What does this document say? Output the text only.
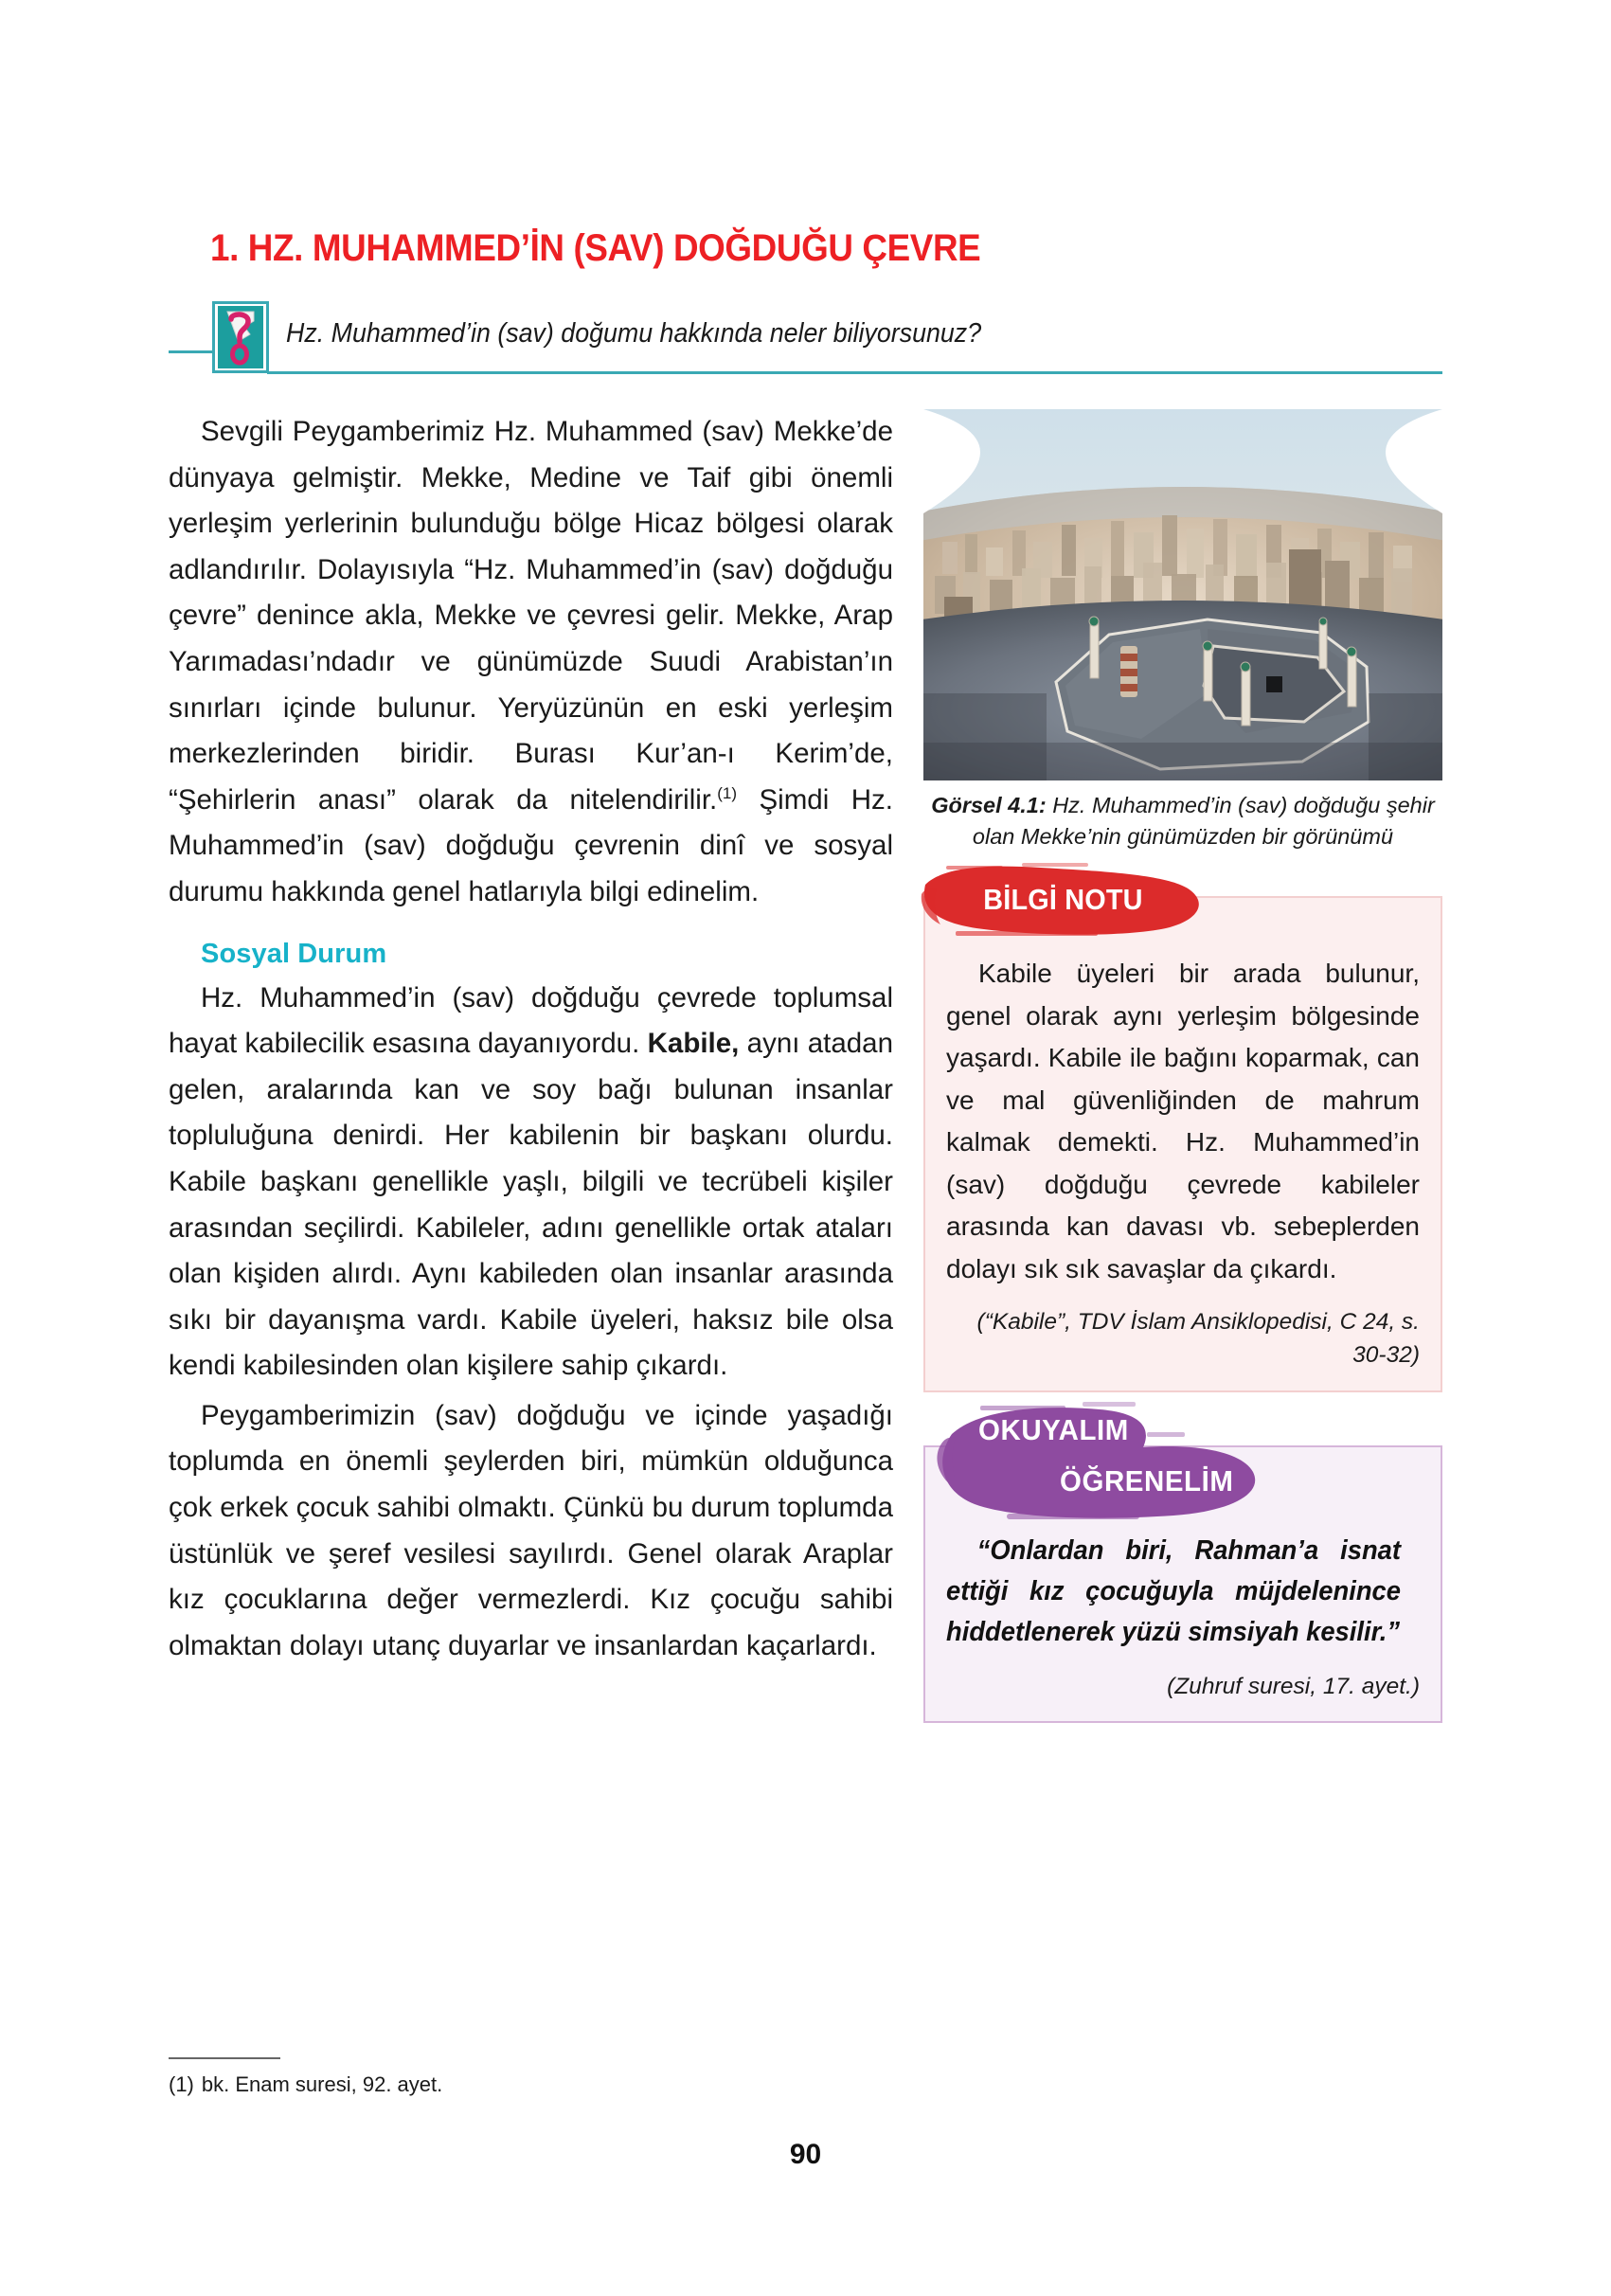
1. HZ. MUHAMMED’İN (SAV) DOĞDUĞU ÇEVRE
Hz. Muhammed’in (sav) doğumu hakkında neler biliyorsunuz?

Sevgili Peygamberimiz Hz. Muhammed (sav) Mekke’de dünyaya gelmiştir. Mekke, Medine ve Taif gibi önemli yerleşim yerlerinin bulunduğu bölge Hicaz bölgesi olarak adlandırılır. Dolayısıyla “Hz. Muhammed’in (sav) doğduğu çevre” denince akla, Mekke ve çevresi gelir. Mekke, Arap Yarımadası’ndadır ve günümüzde Suudi Arabistan’ın sınırları içinde bulunur. Yeryüzünün en eski yerleşim merkezlerinden biridir. Burası Kur’an-ı Kerim’de, “Şehirlerin anası” olarak da nitelendirilir.$^{(1)}$ Şimdi Hz. Muhammed’in (sav) doğduğu çevrenin dinî ve sosyal durumu hakkında genel hatlarıyla bilgi edinelim.

Sosyal Durum

Hz. Muhammed’in (sav) doğduğu çevrede toplumsal hayat kabilecilik esasına dayanıyordu. Kabile, aynı atadan gelen, aralarında kan ve soy bağı bulunan insanlar topluluğuna denirdi. Her kabilenin bir başkanı olurdu. Kabile başkanı genellikle yaşlı, bilgili ve tecrübeli kişiler arasından seçilirdi. Kabileler, adını genellikle ortak ataları olan kişiden alırdı. Aynı kabileden olan insanlar arasında sıkı bir dayanışma vardı. Kabile üyeleri, haksız bile olsa kendi kabilesinden olan kişilere sahip çıkardı.

Peygamberimizin (sav) doğduğu ve içinde yaşadığı toplumda en önemli şeylerden biri, mümkün olduğunca çok erkek çocuk sahibi olmaktı. Çünkü bu durum toplumda üstünlük ve şeref vesilesi sayılırdı. Genel olarak Araplar kız çocuklarına değer vermezlerdi. Kız çocuğu sahibi olmaktan dolayı utanç duyarlar ve insanlardan kaçarlardı.

(1) bk. Enam suresi, 92. ayet.
90
Görsel 4.1: Hz. Muhammed’in (sav) doğduğu şehir olan Mekke’nin günümüzden bir görünümü
BİLGİ NOTU

Kabile üyeleri bir arada bulunur, genel olarak aynı yerleşim bölgesinde yaşardı. Kabile ile bağını koparmak, can ve mal güvenliğinden de mahrum kalmak demekti. Hz. Muhammed’in (sav) doğduğu çevrede kabileler arasında kan davası vb. sebeplerden dolayı sık sık savaşlar da çıkardı.

(“Kabile”, TDV İslam Ansiklopedisi, C 24, s. 30-32)
OKUYALIM
ÖĞRENELİM

“Onlardan biri, Rahman’a isnat ettiği kız çocuğuyla müjdelenince hiddetlenerek yüzü simsiyah kesilir.”

(Zuhruf suresi, 17. ayet.)
